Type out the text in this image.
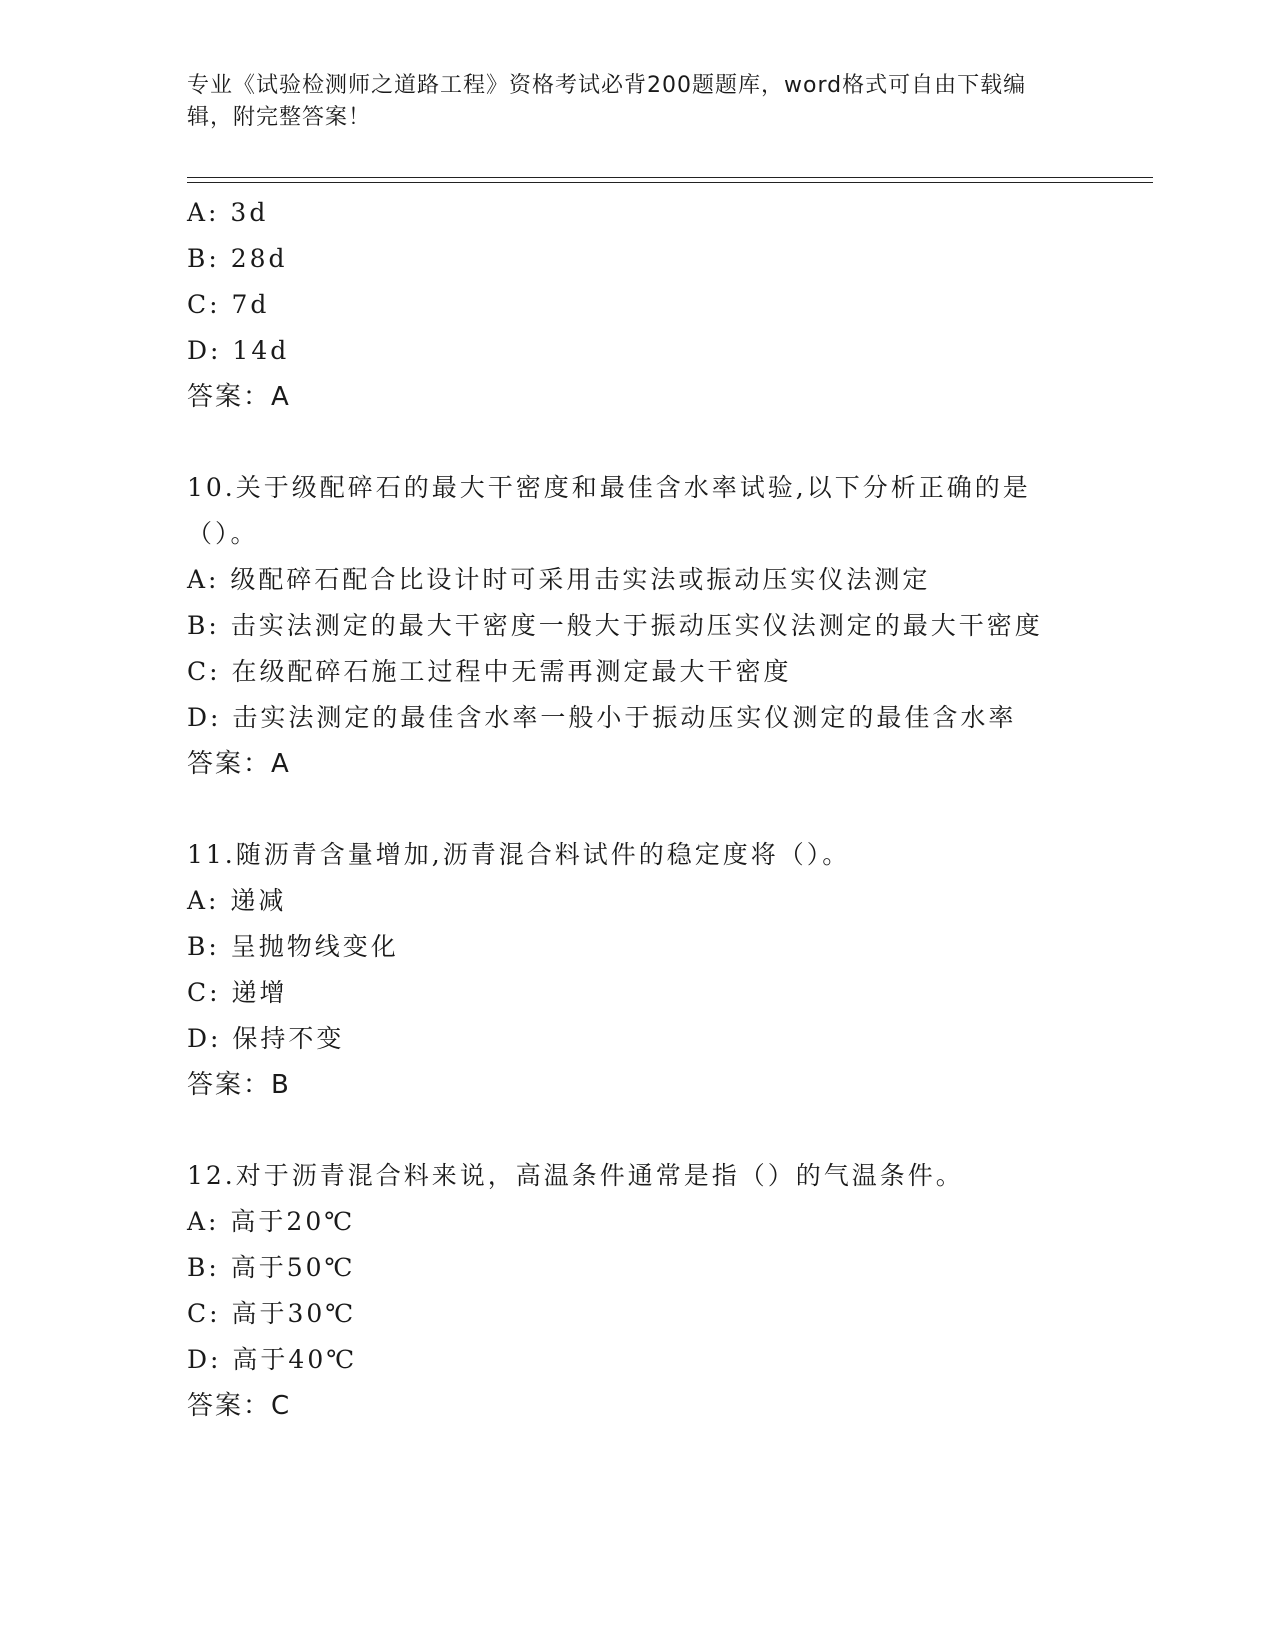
专业《试验检测师之道路工程》资格考试必背200题题库，word格式可自由下载编辑，附完整答案！
A: 3d
B: 28d
C: 7d
D: 14d
答案：A
10.关于级配碎石的最大干密度和最佳含水率试验,以下分析正确的是（）。
A: 级配碎石配合比设计时可采用击实法或振动压实仪法测定
B: 击实法测定的最大干密度一般大于振动压实仪法测定的最大干密度
C: 在级配碎石施工过程中无需再测定最大干密度
D: 击实法测定的最佳含水率一般小于振动压实仪测定的最佳含水率
答案：A
11.随沥青含量增加,沥青混合料试件的稳定度将（）。
A: 递减
B: 呈抛物线变化
C: 递增
D: 保持不变
答案：B
12.对于沥青混合料来说，高温条件通常是指（）的气温条件。
A: 高于20℃
B: 高于50℃
C: 高于30℃
D: 高于40℃
答案：C
